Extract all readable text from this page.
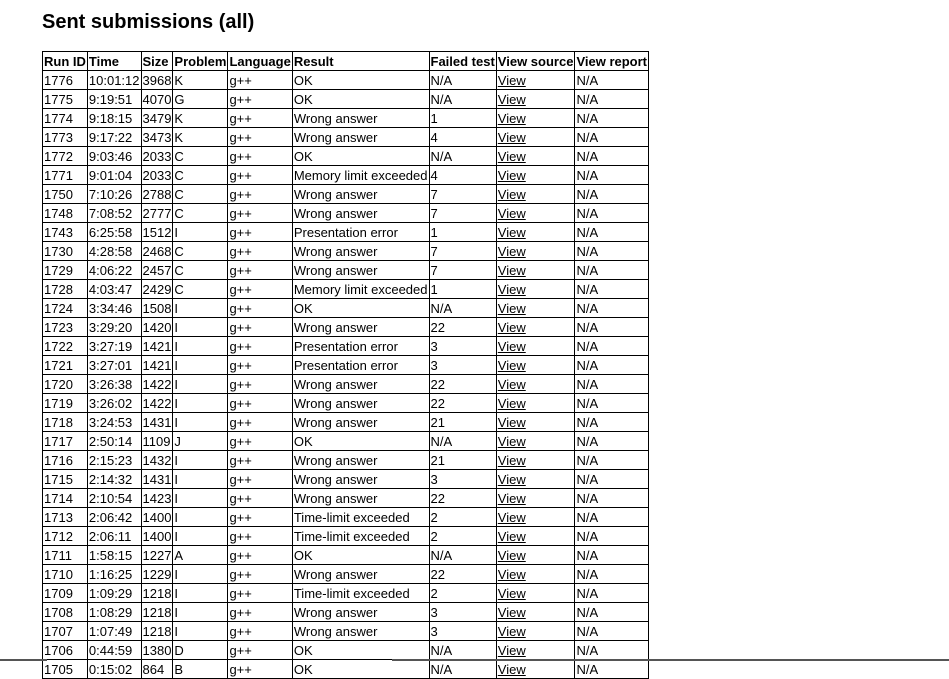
Sent submissions (all)
Run ID	Time	Size	Problem	Language	Result	Failed test	View source	View report
1776	10:01:12	3968	K	g++	OK	N/A	View	N/A
1775	9:19:51	4070	G	g++	OK	N/A	View	N/A
1774	9:18:15	3479	K	g++	Wrong answer	1	View	N/A
1773	9:17:22	3473	K	g++	Wrong answer	4	View	N/A
1772	9:03:46	2033	C	g++	OK	N/A	View	N/A
1771	9:01:04	2033	C	g++	Memory limit exceeded	4	View	N/A
1750	7:10:26	2788	C	g++	Wrong answer	7	View	N/A
1748	7:08:52	2777	C	g++	Wrong answer	7	View	N/A
1743	6:25:58	1512	I	g++	Presentation error	1	View	N/A
1730	4:28:58	2468	C	g++	Wrong answer	7	View	N/A
1729	4:06:22	2457	C	g++	Wrong answer	7	View	N/A
1728	4:03:47	2429	C	g++	Memory limit exceeded	1	View	N/A
1724	3:34:46	1508	I	g++	OK	N/A	View	N/A
1723	3:29:20	1420	I	g++	Wrong answer	22	View	N/A
1722	3:27:19	1421	I	g++	Presentation error	3	View	N/A
1721	3:27:01	1421	I	g++	Presentation error	3	View	N/A
1720	3:26:38	1422	I	g++	Wrong answer	22	View	N/A
1719	3:26:02	1422	I	g++	Wrong answer	22	View	N/A
1718	3:24:53	1431	I	g++	Wrong answer	21	View	N/A
1717	2:50:14	1109	J	g++	OK	N/A	View	N/A
1716	2:15:23	1432	I	g++	Wrong answer	21	View	N/A
1715	2:14:32	1431	I	g++	Wrong answer	3	View	N/A
1714	2:10:54	1423	I	g++	Wrong answer	22	View	N/A
1713	2:06:42	1400	I	g++	Time-limit exceeded	2	View	N/A
1712	2:06:11	1400	I	g++	Time-limit exceeded	2	View	N/A
1711	1:58:15	1227	A	g++	OK	N/A	View	N/A
1710	1:16:25	1229	I	g++	Wrong answer	22	View	N/A
1709	1:09:29	1218	I	g++	Time-limit exceeded	2	View	N/A
1708	1:08:29	1218	I	g++	Wrong answer	3	View	N/A
1707	1:07:49	1218	I	g++	Wrong answer	3	View	N/A
1706	0:44:59	1380	D	g++	OK	N/A	View	N/A
1705	0:15:02	864	B	g++	OK	N/A	View	N/A
